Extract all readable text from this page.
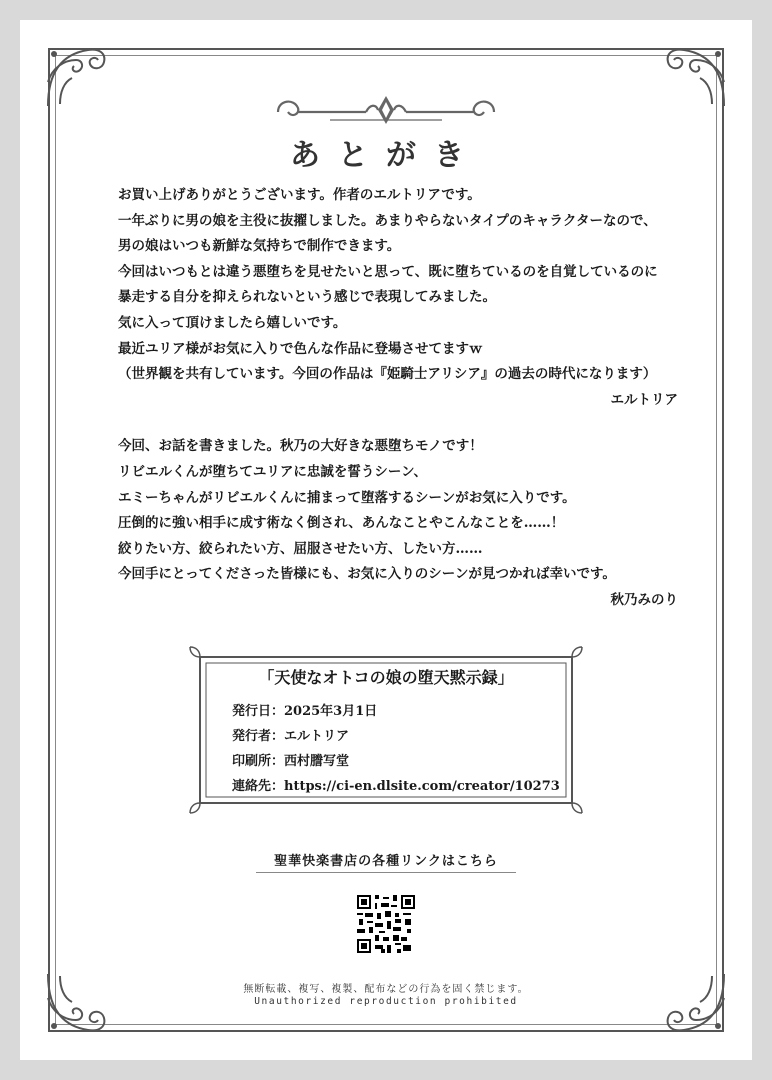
あとがき

お買い上げありがとうございます。作者のエルトリアです。

一年ぶりに男の娘を主役に抜擢しました。あまりやらないタイプのキャラクターなので、

男の娘はいつも新鮮な気持ちで制作できます。

今回はいつもとは違う悪堕ちを見せたいと思って、既に堕ちているのを自覚しているのに

暴走する自分を抑えられないという感じで表現してみました。

気に入って頂けましたら嬉しいです。

最近ユリア様がお気に入りで色んな作品に登場させてますｗ

（世界観を共有しています。今回の作品は『姫騎士アリシア』の過去の時代になります）

エルトリア

今回、お話を書きました。秋乃の大好きな悪堕ちモノです！

リビエルくんが堕ちてユリアに忠誠を誓うシーン、

エミーちゃんがリビエルくんに捕まって堕落するシーンがお気に入りです。

圧倒的に強い相手に成す術なく倒され、あんなことやこんなことを……！

絞りたい方、絞られたい方、屈服させたい方、したい方……

今回手にとってくださった皆様にも、お気に入りのシーンが見つかれば幸いです。

秋乃みのり

「天使なオトコの娘の堕天黙示録」
発行日：2025年3月1日
発行者：エルトリア
印刷所：西村謄写堂
連絡先：https://ci-en.dlsite.com/creator/10273
聖華快楽書店の各種リンクはこちら
無断転載、複写、複製、配布などの行為を固く禁じます。
Unauthorized reproduction prohibited
